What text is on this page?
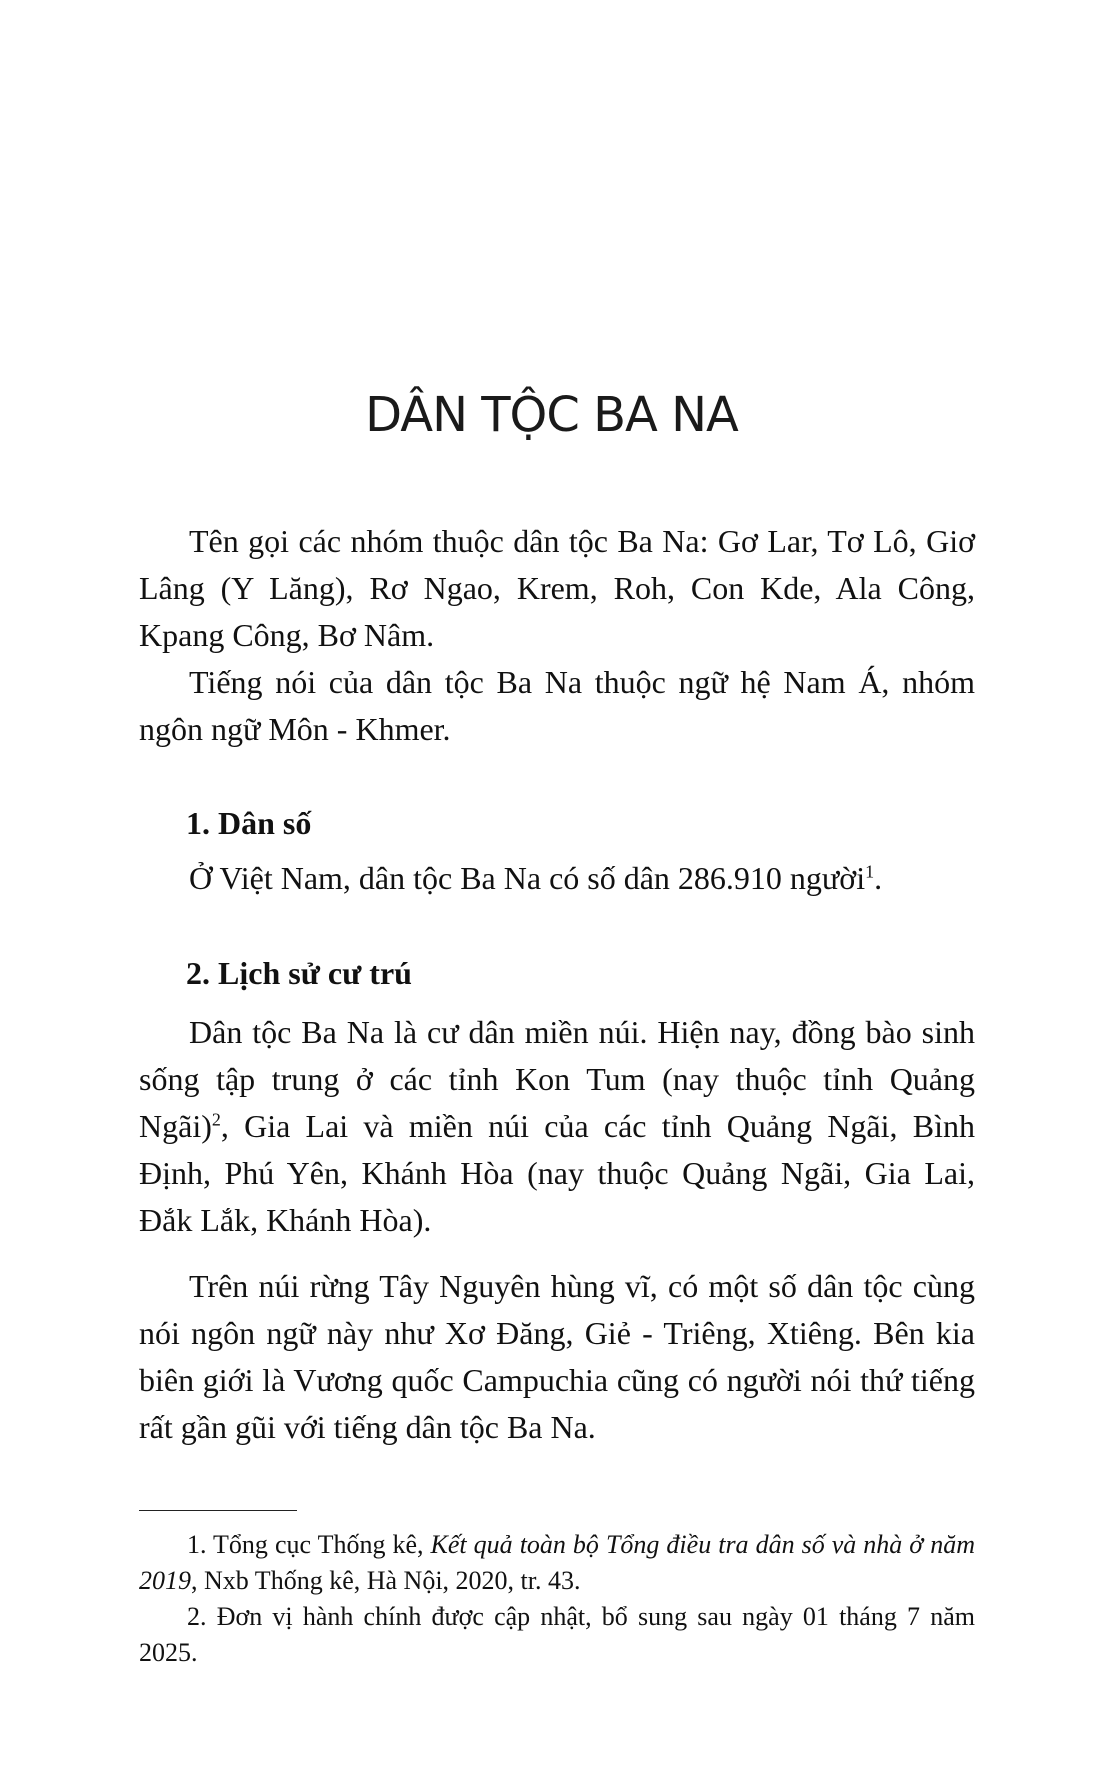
DÂN TỘC BA NA

Tên gọi các nhóm thuộc dân tộc Ba Na: Gơ Lar, Tơ Lô, Giơ Lâng (Y Lăng), Rơ Ngao, Krem, Roh, Con Kde, Ala Công, Kpang Công, Bơ Nâm.

Tiếng nói của dân tộc Ba Na thuộc ngữ hệ Nam Á, nhóm ngôn ngữ Môn - Khmer.

1. Dân số

Ở Việt Nam, dân tộc Ba Na có số dân 286.910 người$^1$.

2. Lịch sử cư trú

Dân tộc Ba Na là cư dân miền núi. Hiện nay, đồng bào sinh sống tập trung ở các tỉnh Kon Tum (nay thuộc tỉnh Quảng Ngãi)$^2$, Gia Lai và miền núi của các tỉnh Quảng Ngãi, Bình Định, Phú Yên, Khánh Hòa (nay thuộc Quảng Ngãi, Gia Lai, Đắk Lắk, Khánh Hòa).

Trên núi rừng Tây Nguyên hùng vĩ, có một số dân tộc cùng nói ngôn ngữ này như Xơ Đăng, Giẻ - Triêng, Xtiêng. Bên kia biên giới là Vương quốc Campuchia cũng có người nói thứ tiếng rất gần gũi với tiếng dân tộc Ba Na.

1. Tổng cục Thống kê, Kết quả toàn bộ Tổng điều tra dân số và nhà ở năm 2019, Nxb Thống kê, Hà Nội, 2020, tr. 43.

2. Đơn vị hành chính được cập nhật, bổ sung sau ngày 01 tháng 7 năm 2025.
